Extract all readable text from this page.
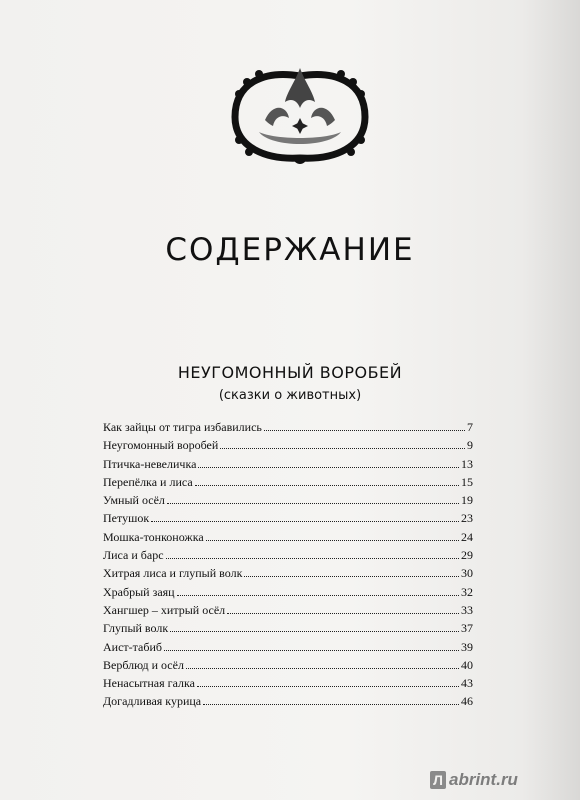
СОДЕРЖАНИЕ
НЕУГОМОННЫЙ ВОРОБЕЙ
(сказки о животных)
Как зайцы от тигра избавились	7
Неугомонный воробей	9
Птичка-невеличка	13
Перепёлка и лиса	15
Умный осёл	19
Петушок	23
Мошка-тонконожка	24
Лиса и барс	29
Хитрая лиса и глупый волк	30
Храбрый заяц	32
Хангшер – хитрый осёл	33
Глупый волк	37
Аист-табиб	39
Верблюд и осёл	40
Ненасытная галка	43
Догадливая курица	46
Л abrint.ru
